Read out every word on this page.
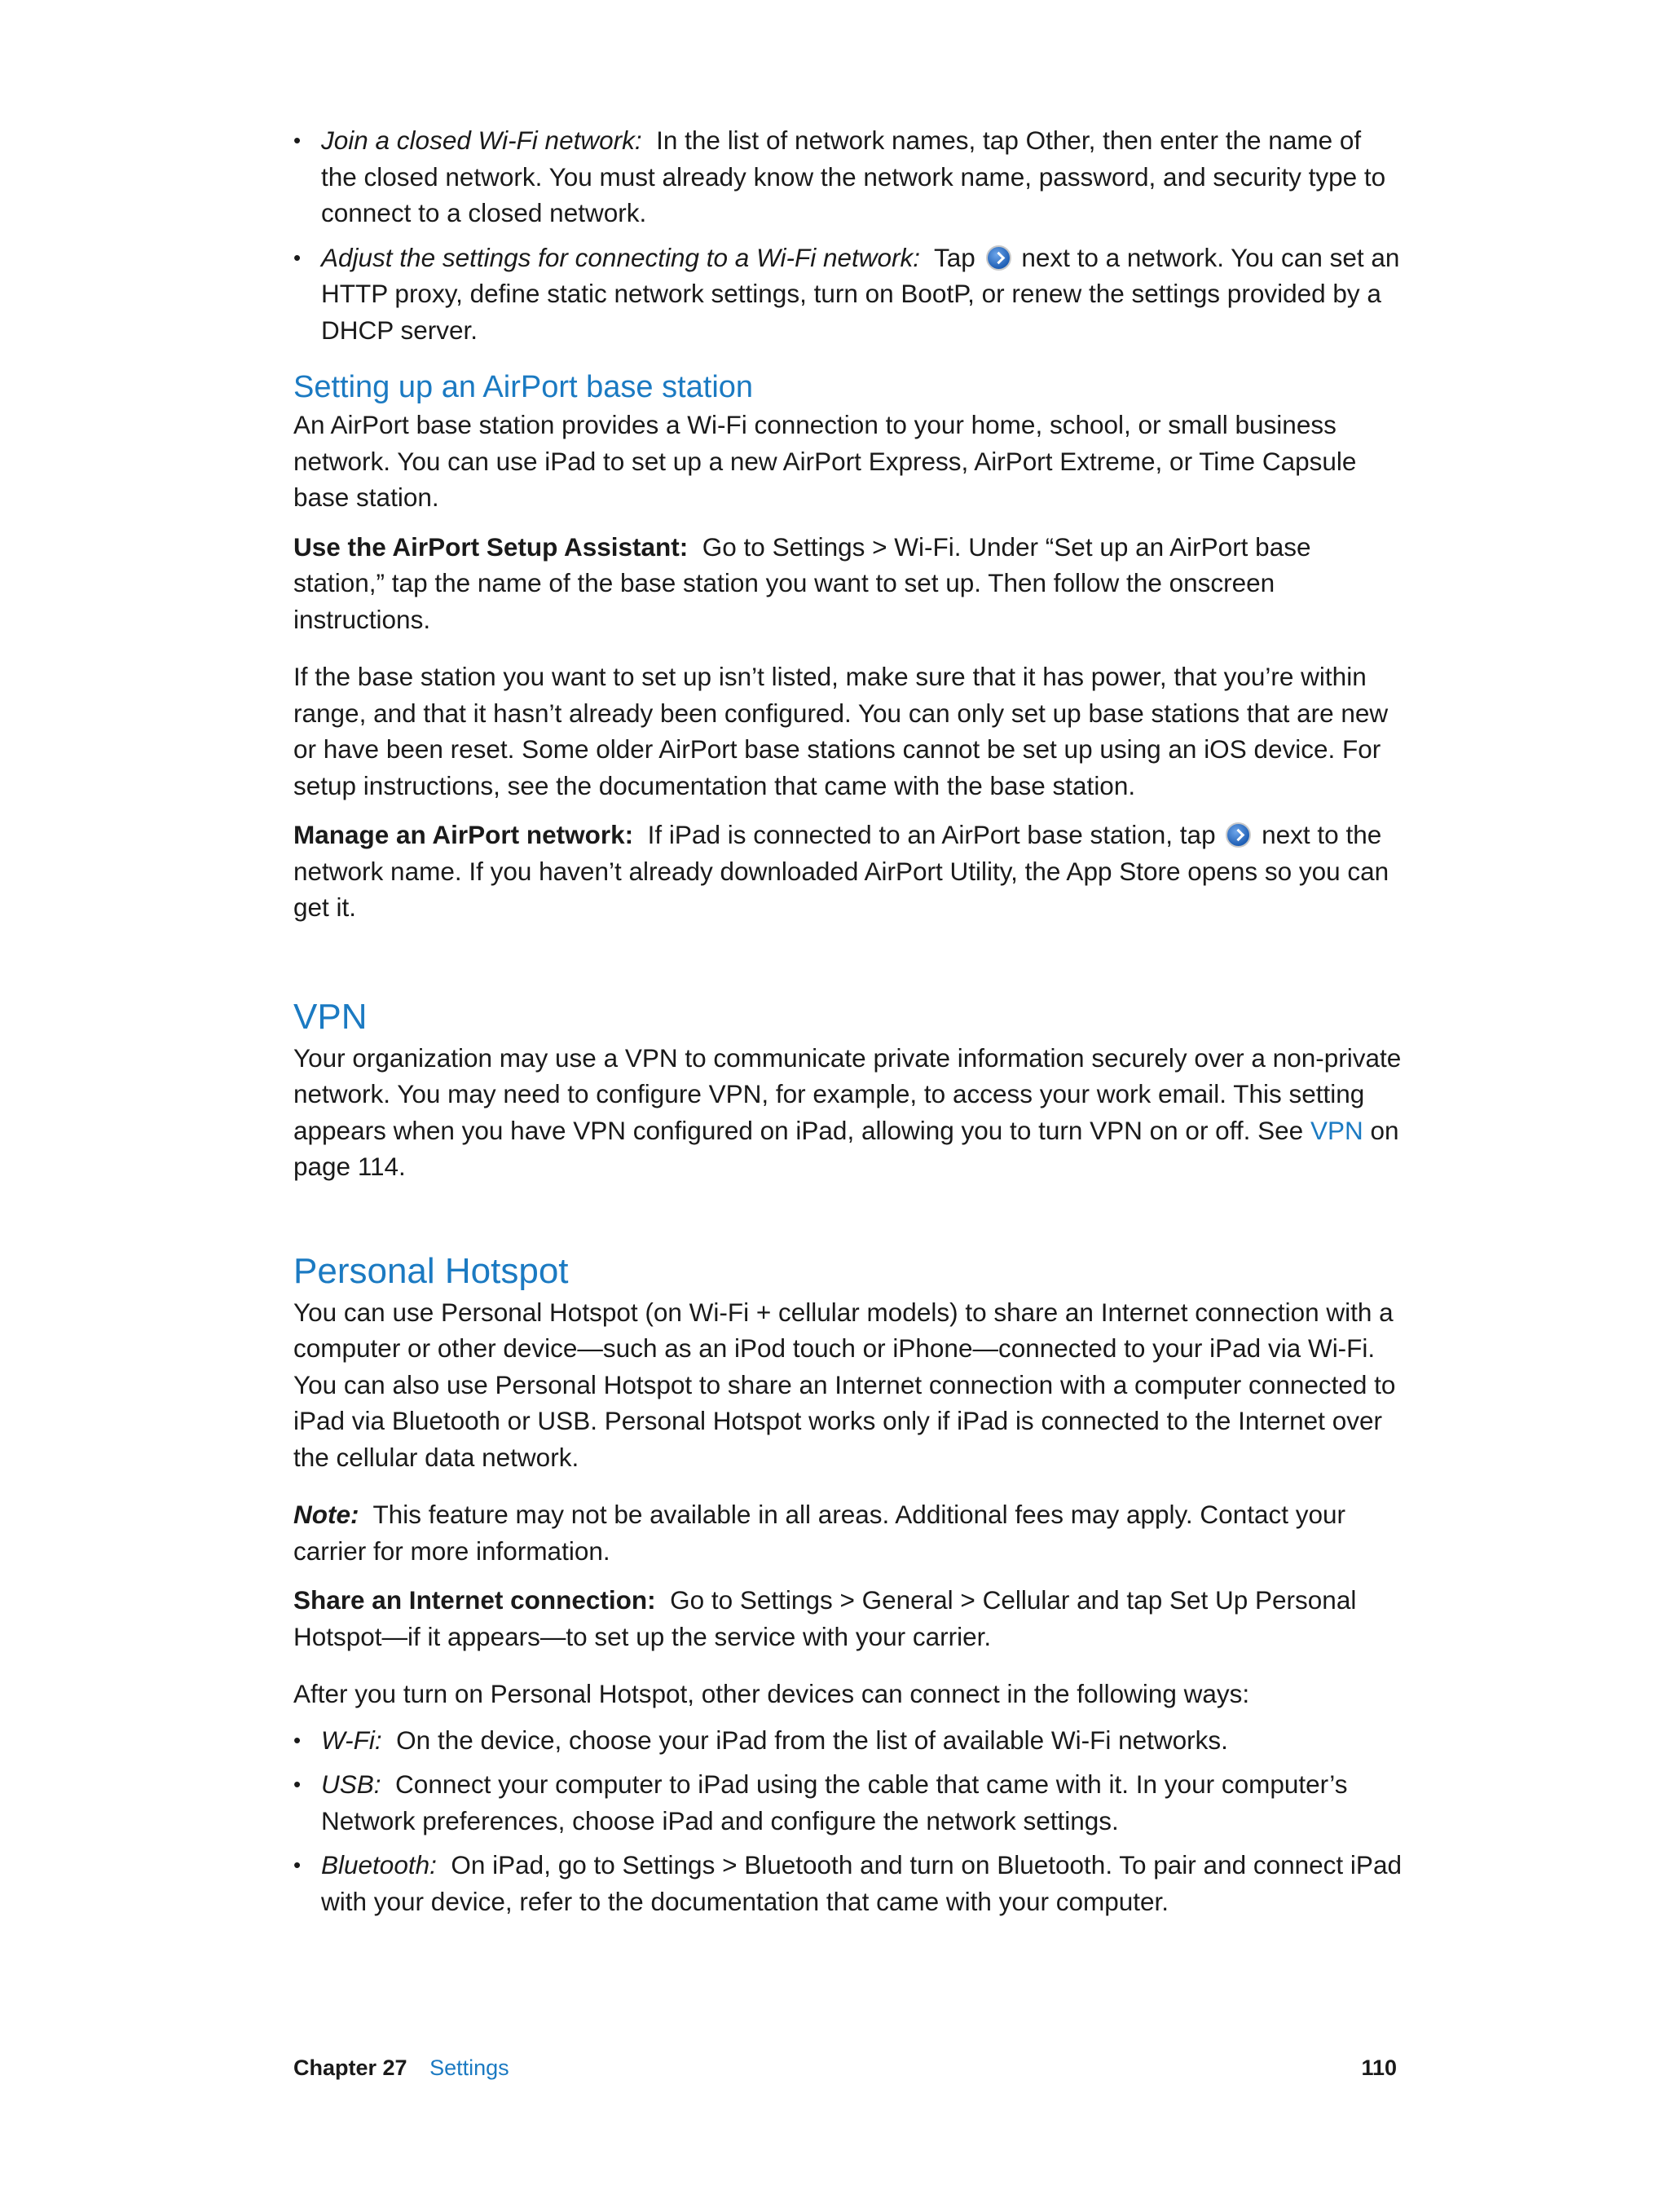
• Join a closed Wi-Fi network: In the list of network names, tap Other, then enter the name of the closed network. You must already know the network name, password, and security type to connect to a closed network.
• Adjust the settings for connecting to a Wi-Fi network: Tap next to a network. You can set an HTTP proxy, define static network settings, turn on BootP, or renew the settings provided by a DHCP server.
Setting up an AirPort base station

An AirPort base station provides a Wi-Fi connection to your home, school, or small business network. You can use iPad to set up a new AirPort Express, AirPort Extreme, or Time Capsule base station.

Use the AirPort Setup Assistant: Go to Settings > Wi-Fi. Under “Set up an AirPort base station,” tap the name of the base station you want to set up. Then follow the onscreen instructions.

If the base station you want to set up isn’t listed, make sure that it has power, that you’re within range, and that it hasn’t already been configured. You can only set up base stations that are new or have been reset. Some older AirPort base stations cannot be set up using an iOS device. For setup instructions, see the documentation that came with the base station.

Manage an AirPort network: If iPad is connected to an AirPort base station, tap next to the network name. If you haven’t already downloaded AirPort Utility, the App Store opens so you can get it.

VPN

Your organization may use a VPN to communicate private information securely over a non-private network. You may need to configure VPN, for example, to access your work email. This setting appears when you have VPN configured on iPad, allowing you to turn VPN on or off. See VPN on page 114.

Personal Hotspot

You can use Personal Hotspot (on Wi-Fi + cellular models) to share an Internet connection with a computer or other device—such as an iPod touch or iPhone—connected to your iPad via Wi-Fi. You can also use Personal Hotspot to share an Internet connection with a computer connected to iPad via Bluetooth or USB. Personal Hotspot works only if iPad is connected to the Internet over the cellular data network.

Note: This feature may not be available in all areas. Additional fees may apply. Contact your carrier for more information.

Share an Internet connection: Go to Settings > General > Cellular and tap Set Up Personal Hotspot—if it appears—to set up the service with your carrier.

After you turn on Personal Hotspot, other devices can connect in the following ways:

• W-Fi: On the device, choose your iPad from the list of available Wi-Fi networks.
• USB: Connect your computer to iPad using the cable that came with it. In your computer’s Network preferences, choose iPad and configure the network settings.
• Bluetooth: On iPad, go to Settings > Bluetooth and turn on Bluetooth. To pair and connect iPad with your device, refer to the documentation that came with your computer.
Chapter 27 Settings	110
